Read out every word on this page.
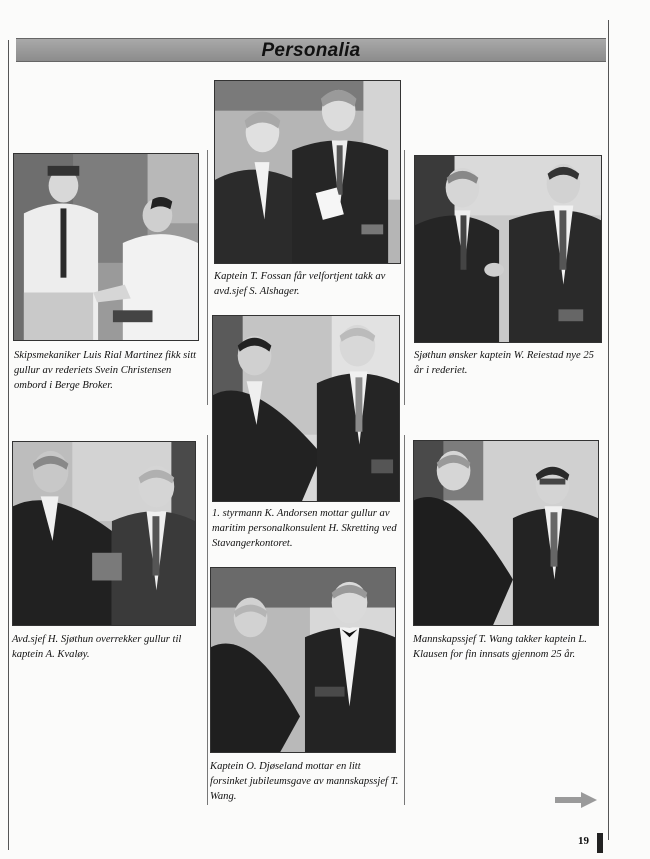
Personalia
Skipsmekaniker Luis Rial Martinez fikk sitt gullur av rederiets Svein Christensen ombord i Berge Broker.
Kaptein T. Fossan får velfortjent takk av avd.sjef S. Alshager.
Sjøthun ønsker kaptein W. Reiestad nye 25 år i rederiet.
Avd.sjef H. Sjøthun overrekker gullur til kaptein A. Kvaløy.
1. styrmann K. Andorsen mottar gullur av maritim personalkonsulent H. Skretting ved Stavangerkontoret.
Mannskapssjef T. Wang takker kaptein L. Klausen for fin innsats gjennom 25 år.
Kaptein O. Djøseland mottar en litt forsinket jubileumsgave av mannskapssjef T. Wang.
19
